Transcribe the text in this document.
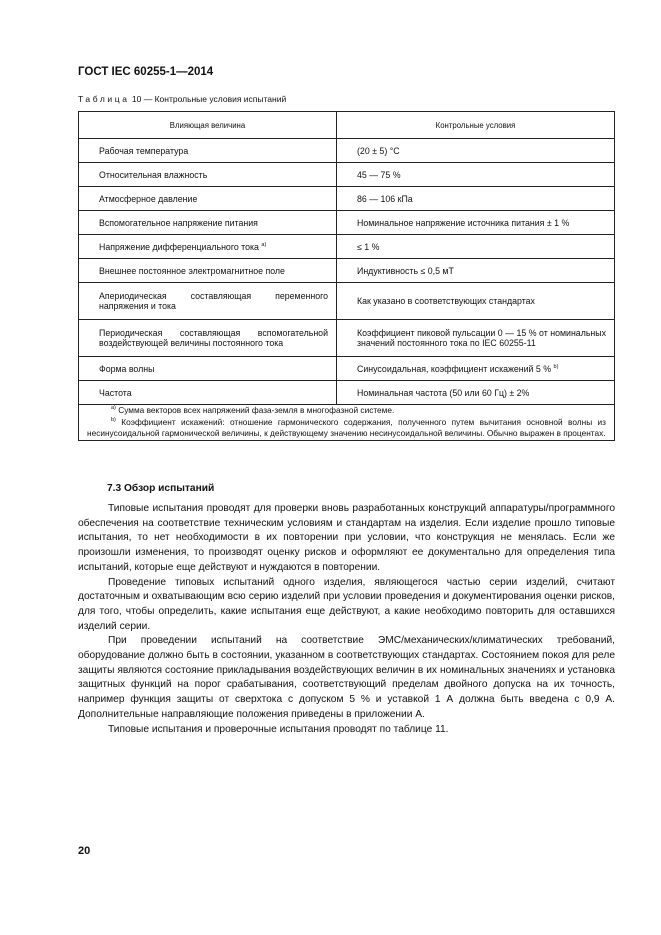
ГОСТ IEC 60255-1—2014
Таблица 10 — Контрольные условия испытаний
Влияющая величина	Контрольные условия
Рабочая температура	(20 ± 5) °С
Относительная влажность	45 — 75 %
Атмосферное давление	86 — 106 кПа
Вспомогательное напряжение питания	Номинальное напряжение источника питания ± 1 %
Напряжение дифференциального тока $^{a)}$	≤ 1 %
Внешнее постоянное электромагнитное поле	Индуктивность ≤ 0,5 мТ
Апериодическая составляющая переменного напряжения и тока	Как указано в соответствующих стандартах
Периодическая составляющая вспомогательной воздействующей величины постоянного тока	Коэффициент пиковой пульсации 0 — 15 % от номинальных значений постоянного тока по IEC 60255-11
Форма волны	Синусоидальная, коэффициент искажений 5 % $^{b)}$
Частота	Номинальная частота (50 или 60 Гц) ± 2%

$^{a)}$ Сумма векторов всех напряжений фаза-земля в многофазной системе.
$^{b)}$ Коэффициент искажений: отношение гармонического содержания, полученного путем вычитания основной волны из несинусоидальной гармонической величины, к действующему значению несинусоидальной величины. Обычно выражен в процентах.	
7.3 Обзор испытаний

Типовые испытания проводят для проверки вновь разработанных конструкций аппаратуры/программного обеспечения на соответствие техническим условиям и стандартам на изделия. Если изделие прошло типовые испытания, то нет необходимости в их повторении при условии, что конструкция не менялась. Если же произошли изменения, то производят оценку рисков и оформляют ее документально для определения типа испытаний, которые еще действуют и нуждаются в повторении.

Проведение типовых испытаний одного изделия, являющегося частью серии изделий, считают достаточным и охватывающим всю серию изделий при условии проведения и документирования оценки рисков, для того, чтобы определить, какие испытания еще действуют, а какие необходимо повторить для оставшихся изделий серии.

При проведении испытаний на соответствие ЭМС/механических/климатических требований, оборудование должно быть в состоянии, указанном в соответствующих стандартах. Состоянием покоя для реле защиты являются состояние прикладывания воздействующих величин в их номинальных значениях и установка защитных функций на порог срабатывания, соответствующий пределам двойного допуска на их точность, например функция защиты от сверхтока с допуском 5 % и уставкой 1 А должна быть введена с 0,9 А. Дополнительные направляющие положения приведены в приложении А.

Типовые испытания и проверочные испытания проводят по таблице 11.

20
